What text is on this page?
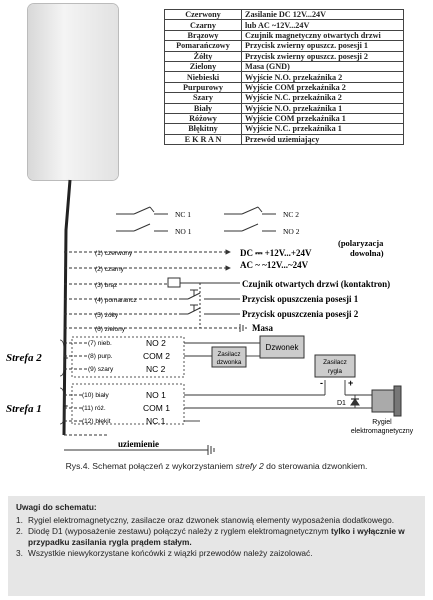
Czerwony	Zasilanie DC 12V...24V
Czarny	lub AC ~12V...24V
Brązowy	Czujnik magnetyczny otwartych drzwi
Pomarańczowy	Przycisk zwierny opuszcz. posesji 1
Żółty	Przycisk zwierny opuszcz. posesji 2
Zielony	Masa (GND)
Niebieski	Wyjście N.O. przekaźnika 2
Purpurowy	Wyjście COM przekaźnika 2
Szary	Wyjście N.C. przekaźnika 2
Biały	Wyjście N.O. przekaźnika 1
Różowy	Wyjście COM przekaźnika 1
Błękitny	Wyjście N.C. przekaźnika 1
E K R A N	Przewód uziemiający
NC 1
NO 1
NC 2
NO 2
(1) czerwony
(2) czarny
(3) brąz
(4) pomarancz
(5) żółty
(6) zielony
DC ⎓ +12V...+24V
AC ~ ~12V...~24V
(polaryzacja
dowolna)
Czujnik otwartych drzwi (kontaktron)
Przycisk opuszczenia posesji 1
Przycisk opuszczenia posesji 2
Masa
Strefa 2
(7) nieb.
(8) purp.
(9) szary
NO 2
COM 2
NC 2
Zasilacz
dzwonka
Dzwonek
Strefa 1
(10) biały
(11) róż.
(12) błękit
NO 1
COM 1
NC 1
Zasilacz
rygla
-	+
D1
Rygiel
elektromagnetyczny
uziemienie
Rys.4. Schemat połączeń z wykorzystaniem strefy 2 do sterowania dzwonkiem.
Uwagi do schematu:
1. Rygiel elektromagnetyczny, zasilacze oraz dzwonek stanowią elementy wyposażenia dodatkowego.
2. Diodę D1 (wyposażenie zestawu) połączyć należy z ryglem elektromagnetycznym tylko i wyłącznie w przypadku zasilania rygla prądem stałym.
3. Wszystkie niewykorzystane końcówki z wiązki przewodów należy zaizolować.
